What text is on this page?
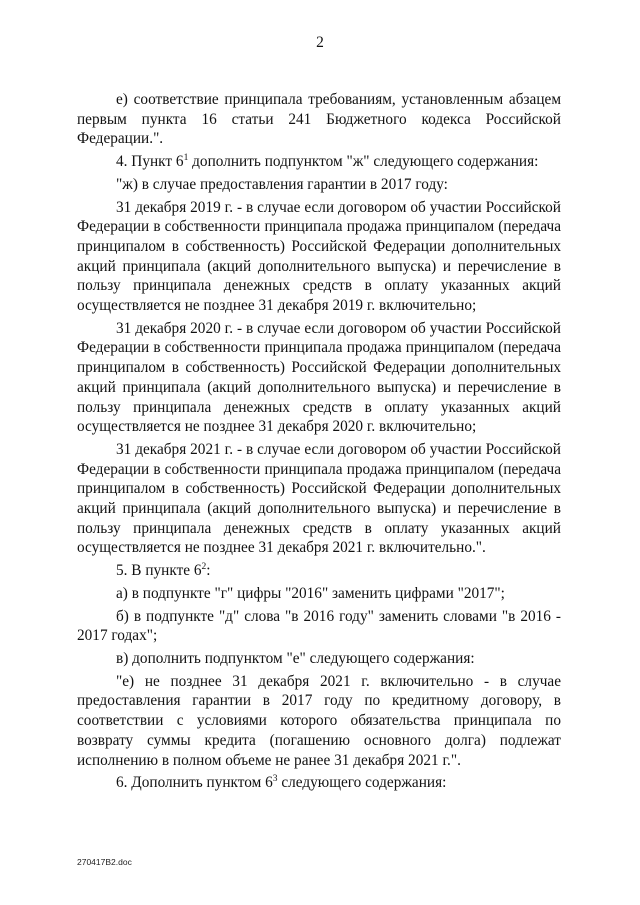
2

е) соответствие принципала требованиям, установленным абзацем первым пункта 16 статьи 241 Бюджетного кодекса Российской Федерации.".

4. Пункт $6^1$ дополнить подпунктом "ж" следующего содержания:

"ж) в случае предоставления гарантии в 2017 году:

31 декабря 2019 г. - в случае если договором об участии Российской Федерации в собственности принципала продажа принципалом (передача принципалом в собственность) Российской Федерации дополнительных акций принципала (акций дополнительного выпуска) и перечисление в пользу принципала денежных средств в оплату указанных акций осуществляется не позднее 31 декабря 2019 г. включительно;

31 декабря 2020 г. - в случае если договором об участии Российской Федерации в собственности принципала продажа принципалом (передача принципалом в собственность) Российской Федерации дополнительных акций принципала (акций дополнительного выпуска) и перечисление в пользу принципала денежных средств в оплату указанных акций осуществляется не позднее 31 декабря 2020 г. включительно;

31 декабря 2021 г. - в случае если договором об участии Российской Федерации в собственности принципала продажа принципалом (передача принципалом в собственность) Российской Федерации дополнительных акций принципала (акций дополнительного выпуска) и перечисление в пользу принципала денежных средств в оплату указанных акций осуществляется не позднее 31 декабря 2021 г. включительно.".

5. В пункте $6^2$:

а) в подпункте "г" цифры "2016" заменить цифрами "2017";

б) в подпункте "д" слова "в 2016 году" заменить словами "в 2016 - 2017 годах";

в) дополнить подпунктом "е" следующего содержания:

"е) не позднее 31 декабря 2021 г. включительно - в случае предоставления гарантии в 2017 году по кредитному договору, в соответствии с условиями которого обязательства принципала по возврату суммы кредита (погашению основного долга) подлежат исполнению в полном объеме не ранее 31 декабря 2021 г.".

6. Дополнить пунктом $6^3$ следующего содержания:

270417В2.doc
